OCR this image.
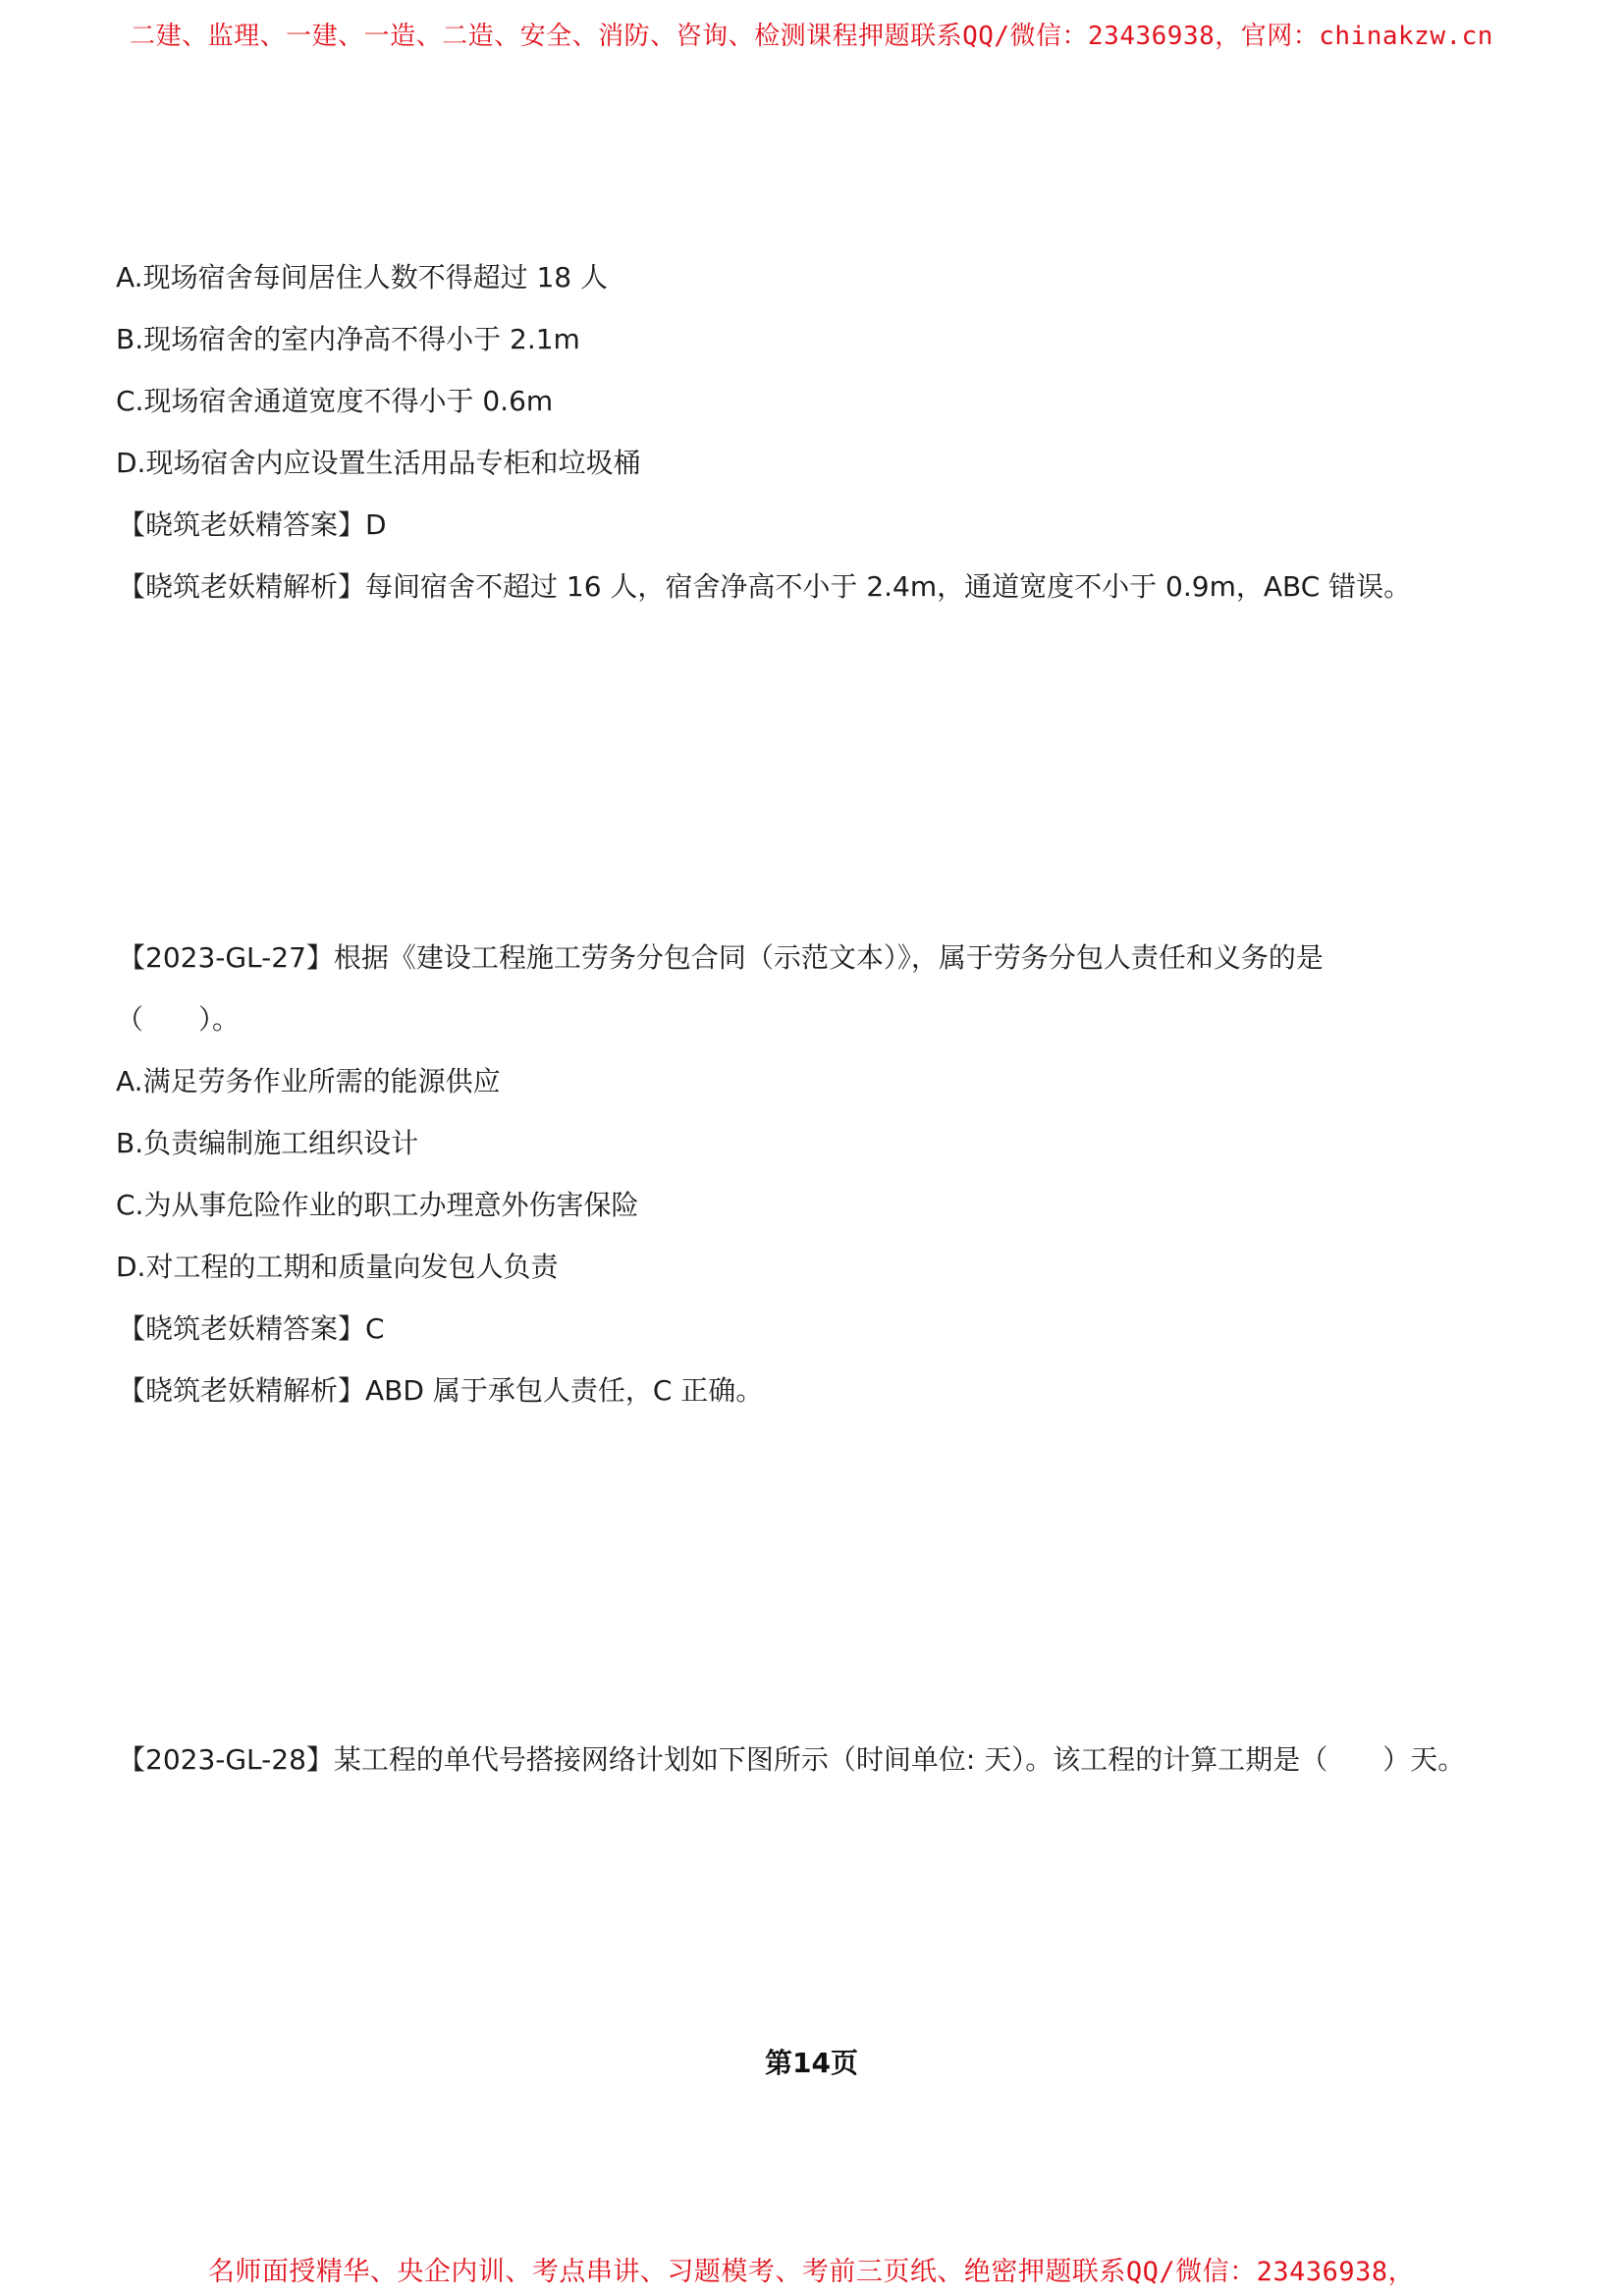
二建、监理、一建、一造、二造、安全、消防、咨询、检测课程押题联系QQ/微信：23436938，官网：chinakzw.cn
A.现场宿舍每间居住人数不得超过 18 人
B.现场宿舍的室内净高不得小于 2.1m
C.现场宿舍通道宽度不得小于 0.6m
D.现场宿舍内应设置生活用品专柜和垃圾桶
【晓筑老妖精答案】D
【晓筑老妖精解析】每间宿舍不超过 16 人，宿舍净高不小于 2.4m，通道宽度不小于 0.9m，ABC 错误。
【2023-GL-27】根据《建设工程施工劳务分包合同（示范文本）》，属于劳务分包人责任和义务的是
（　　）。
A.满足劳务作业所需的能源供应
B.负责编制施工组织设计
C.为从事危险作业的职工办理意外伤害保险
D.对工程的工期和质量向发包人负责
【晓筑老妖精答案】C
【晓筑老妖精解析】ABD 属于承包人责任，C 正确。
【2023-GL-28】某工程的单代号搭接网络计划如下图所示（时间单位: 天）。该工程的计算工期是（　　）天。
第14页
名师面授精华、央企内训、考点串讲、习题模考、考前三页纸、绝密押题联系QQ/微信：23436938，
